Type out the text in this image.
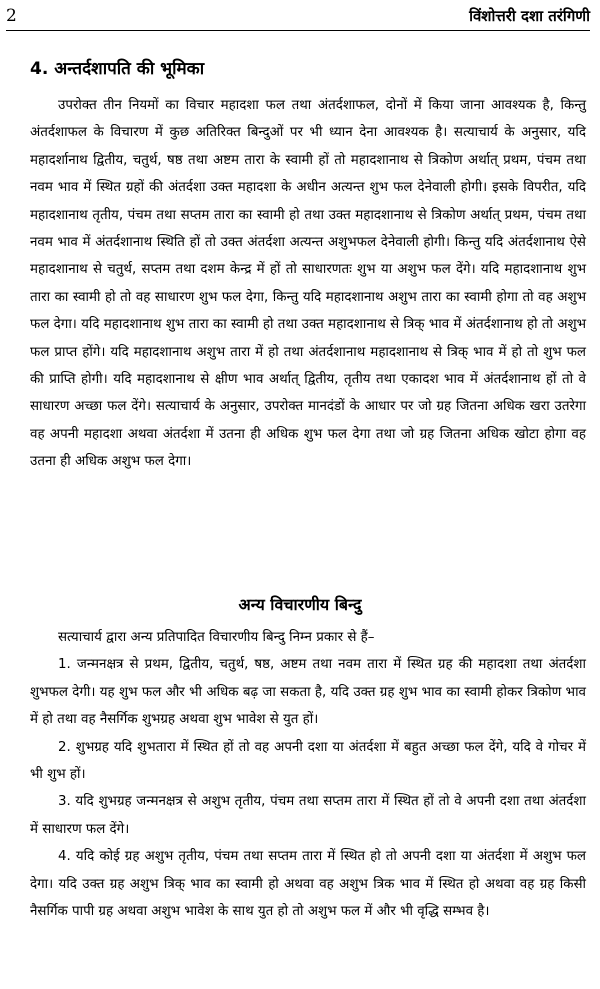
2	विंशोत्तरी दशा तरंगिणी
4. अन्तर्दशापति की भूमिका

उपरोक्त तीन नियमों का विचार महादशा फल तथा अंतर्दशाफल, दोनों में किया जाना आवश्यक है, किन्तु अंतर्दशाफल के विचारण में कुछ अतिरिक्त बिन्दुओं पर भी ध्यान देना आवश्यक है। सत्याचार्य के अनुसार, यदि महादर्शानाथ द्वितीय, चतुर्थ, षष्ठ तथा अष्टम तारा के स्वामी हों तो महादशानाथ से त्रिकोण अर्थात् प्रथम, पंचम तथा नवम भाव में स्थित ग्रहों की अंतर्दशा उक्त महादशा के अधीन अत्यन्त शुभ फल देनेवाली होगी। इसके विपरीत, यदि महादशानाथ तृतीय, पंचम तथा सप्तम तारा का स्वामी हो तथा उक्त महादशानाथ से त्रिकोण अर्थात् प्रथम, पंचम तथा नवम भाव में अंतर्दशानाथ स्थिति हों तो उक्त अंतर्दशा अत्यन्त अशुभफल देनेवाली होगी। किन्तु यदि अंतर्दशानाथ ऐसे महादशानाथ से चतुर्थ, सप्तम तथा दशम केन्द्र में हों तो साधारणतः शुभ या अशुभ फल देंगे। यदि महादशानाथ शुभ तारा का स्वामी हो तो वह साधारण शुभ फल देगा, किन्तु यदि महादशानाथ अशुभ तारा का स्वामी होगा तो वह अशुभ फल देगा। यदि महादशानाथ शुभ तारा का स्वामी हो तथा उक्त महादशानाथ से त्रिक् भाव में अंतर्दशानाथ हो तो अशुभ फल प्राप्त होंगे। यदि महादशानाथ अशुभ तारा में हो तथा अंतर्दशानाथ महादशानाथ से त्रिक् भाव में हो तो शुभ फल की प्राप्ति होगी। यदि महादशानाथ से क्षीण भाव अर्थात् द्वितीय, तृतीय तथा एकादश भाव में अंतर्दशानाथ हों तो वे साधारण अच्छा फल देंगे। सत्याचार्य के अनुसार, उपरोक्त मानदंडों के आधार पर जो ग्रह जितना अधिक खरा उतरेगा वह अपनी महादशा अथवा अंतर्दशा में उतना ही अधिक शुभ फल देगा तथा जो ग्रह जितना अधिक खोटा होगा वह उतना ही अधिक अशुभ फल देगा।

अन्य विचारणीय बिन्दु

सत्याचार्य द्वारा अन्य प्रतिपादित विचारणीय बिन्दु निम्न प्रकार से हैं–

1. जन्मनक्षत्र से प्रथम, द्वितीय, चतुर्थ, षष्ठ, अष्टम तथा नवम तारा में स्थित ग्रह की महादशा तथा अंतर्दशा शुभफल देगी। यह शुभ फल और भी अधिक बढ़ जा सकता है, यदि उक्त ग्रह शुभ भाव का स्वामी होकर त्रिकोण भाव में हो तथा वह नैसर्गिक शुभग्रह अथवा शुभ भावेश से युत हों।

2. शुभग्रह यदि शुभतारा में स्थित हों तो वह अपनी दशा या अंतर्दशा में बहुत अच्छा फल देंगे, यदि वे गोचर में भी शुभ हों।

3. यदि शुभग्रह जन्मनक्षत्र से अशुभ तृतीय, पंचम तथा सप्तम तारा में स्थित हों तो वे अपनी दशा तथा अंतर्दशा में साधारण फल देंगे।

4. यदि कोई ग्रह अशुभ तृतीय, पंचम तथा सप्तम तारा में स्थित हो तो अपनी दशा या अंतर्दशा में अशुभ फल देगा। यदि उक्त ग्रह अशुभ त्रिक् भाव का स्वामी हो अथवा वह अशुभ त्रिक भाव में स्थित हो अथवा वह ग्रह किसी नैसर्गिक पापी ग्रह अथवा अशुभ भावेश के साथ युत हो तो अशुभ फल में और भी वृद्धि सम्भव है।
